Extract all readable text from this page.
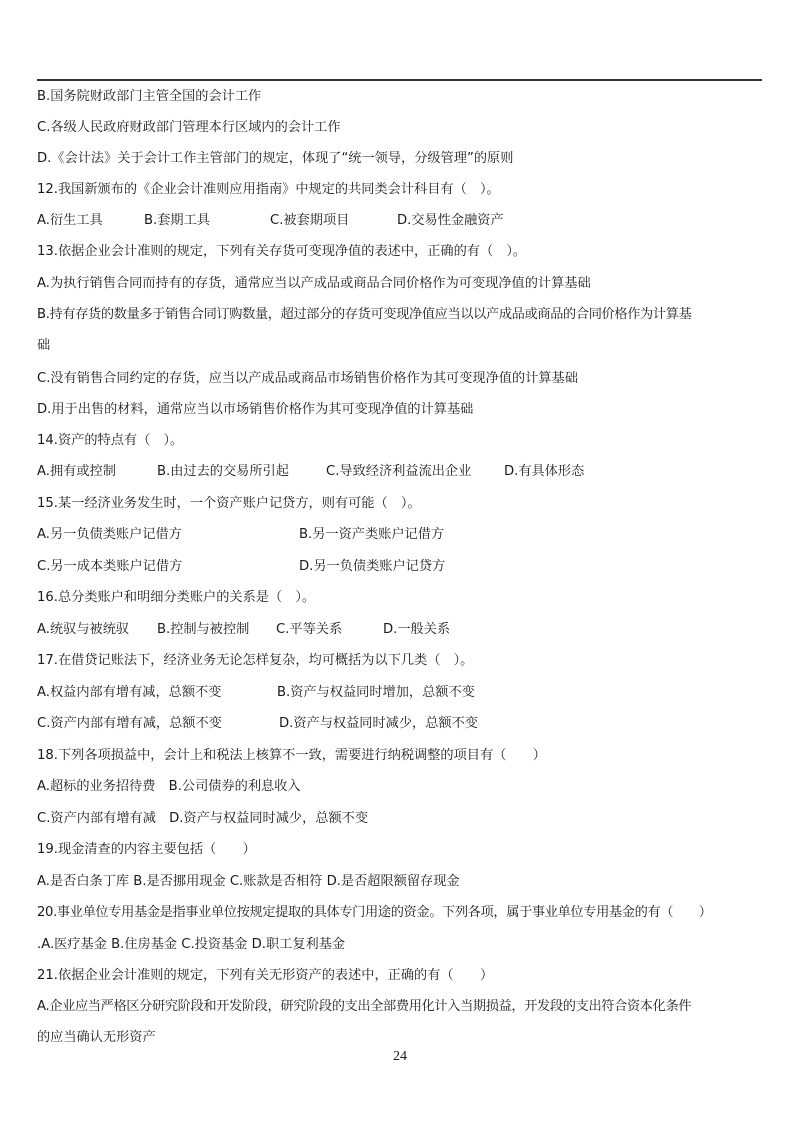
B.国务院财政部门主管全国的会计工作
C.各级人民政府财政部门管理本行区域内的会计工作
D.《会计法》关于会计工作主管部门的规定，体现了“统一领导，分级管理”的原则
12.我国新颁布的《企业会计准则应用指南》中规定的共同类会计科目有（　）。
A.衍生工具	B.套期工具	C.被套期项目	D.交易性金融资产
13.依据企业会计准则的规定，下列有关存货可变现净值的表述中，正确的有（　）。
A.为执行销售合同而持有的存货，通常应当以产成品或商品合同价格作为可变现净值的计算基础
B.持有存货的数量多于销售合同订购数量，超过部分的存货可变现净值应当以以产成品或商品的合同价格作为计算基
础
C.没有销售合同约定的存货，应当以产成品或商品市场销售价格作为其可变现净值的计算基础
D.用于出售的材料，通常应当以市场销售价格作为其可变现净值的计算基础
14.资产的特点有（　）。
A.拥有或控制	B.由过去的交易所引起	C.导致经济利益流出企业 D.有具体形态
15.某一经济业务发生时，一个资产账户记贷方，则有可能（　）。
A.另一负债类账户记借方	B.另一资产类账户记借方
C.另一成本类账户记借方	D.另一负债类账户记贷方
16.总分类账户和明细分类账户的关系是（　）。
A.统驭与被统驭 B.控制与被控制 C.平等关系	D.一般关系
17.在借贷记账法下，经济业务无论怎样复杂，均可概括为以下几类（　）。
A.权益内部有增有减，总额不变	B.资产与权益同时增加，总额不变
C.资产内部有增有减，总额不变	D.资产与权益同时减少，总额不变
18.下列各项损益中，会计上和税法上核算不一致，需要进行纳税调整的项目有（　　）
A.超标的业务招待费　B.公司债券的利息收入
C.资产内部有增有减　D.资产与权益同时减少，总额不变
19.现金清查的内容主要包括（　　）
A.是否白条丁库 B.是否挪用现金 C.账款是否相符 D.是否超限额留存现金
20.事业单位专用基金是指事业单位按规定提取的具体专门用途的资金。下列各项，属于事业单位专用基金的有（　　）
.A.医疗基金 B.住房基金 C.投资基金 D.职工复利基金
21.依据企业会计准则的规定，下列有关无形资产的表述中，正确的有（　　）
A.企业应当严格区分研究阶段和开发阶段，研究阶段的支出全部费用化计入当期损益，开发段的支出符合资本化条件
的应当确认无形资产
24
